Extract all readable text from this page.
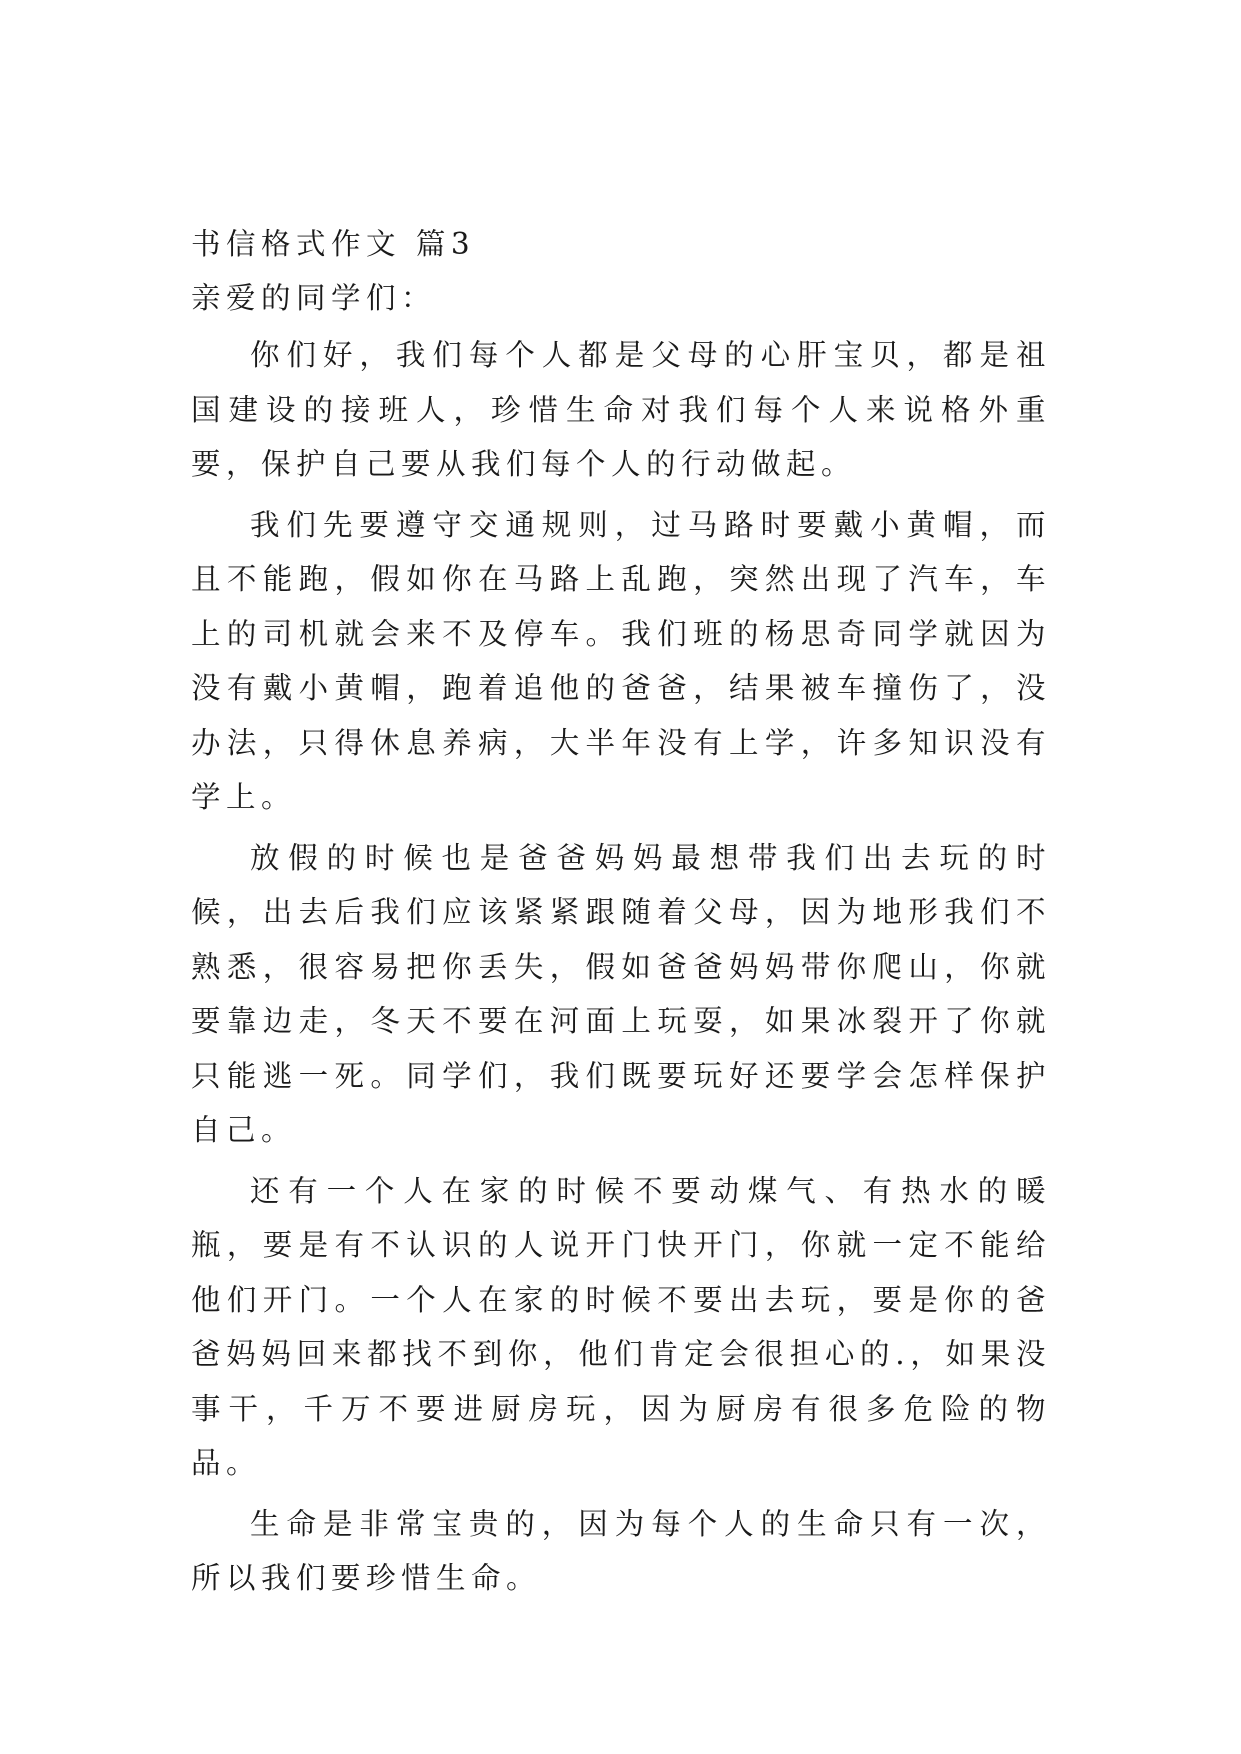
书信格式作文 篇3
亲爱的同学们：

你们好，我们每个人都是父母的心肝宝贝，都是祖国建设的接班人，珍惜生命对我们每个人来说格外重要，保护自己要从我们每个人的行动做起。

我们先要遵守交通规则，过马路时要戴小黄帽，而且不能跑，假如你在马路上乱跑，突然出现了汽车，车上的司机就会来不及停车。我们班的杨思奇同学就因为没有戴小黄帽，跑着追他的爸爸，结果被车撞伤了，没办法，只得休息养病，大半年没有上学，许多知识没有学上。

放假的时候也是爸爸妈妈最想带我们出去玩的时候，出去后我们应该紧紧跟随着父母，因为地形我们不熟悉，很容易把你丢失，假如爸爸妈妈带你爬山，你就要靠边走，冬天不要在河面上玩耍，如果冰裂开了你就只能逃一死。同学们，我们既要玩好还要学会怎样保护自己。

还有一个人在家的时候不要动煤气、有热水的暖瓶，要是有不认识的人说开门快开门，你就一定不能给他们开门。一个人在家的时候不要出去玩，要是你的爸爸妈妈回来都找不到你，他们肯定会很担心的.，如果没事干，千万不要进厨房玩，因为厨房有很多危险的物品。

生命是非常宝贵的，因为每个人的生命只有一次，所以我们要珍惜生命。
